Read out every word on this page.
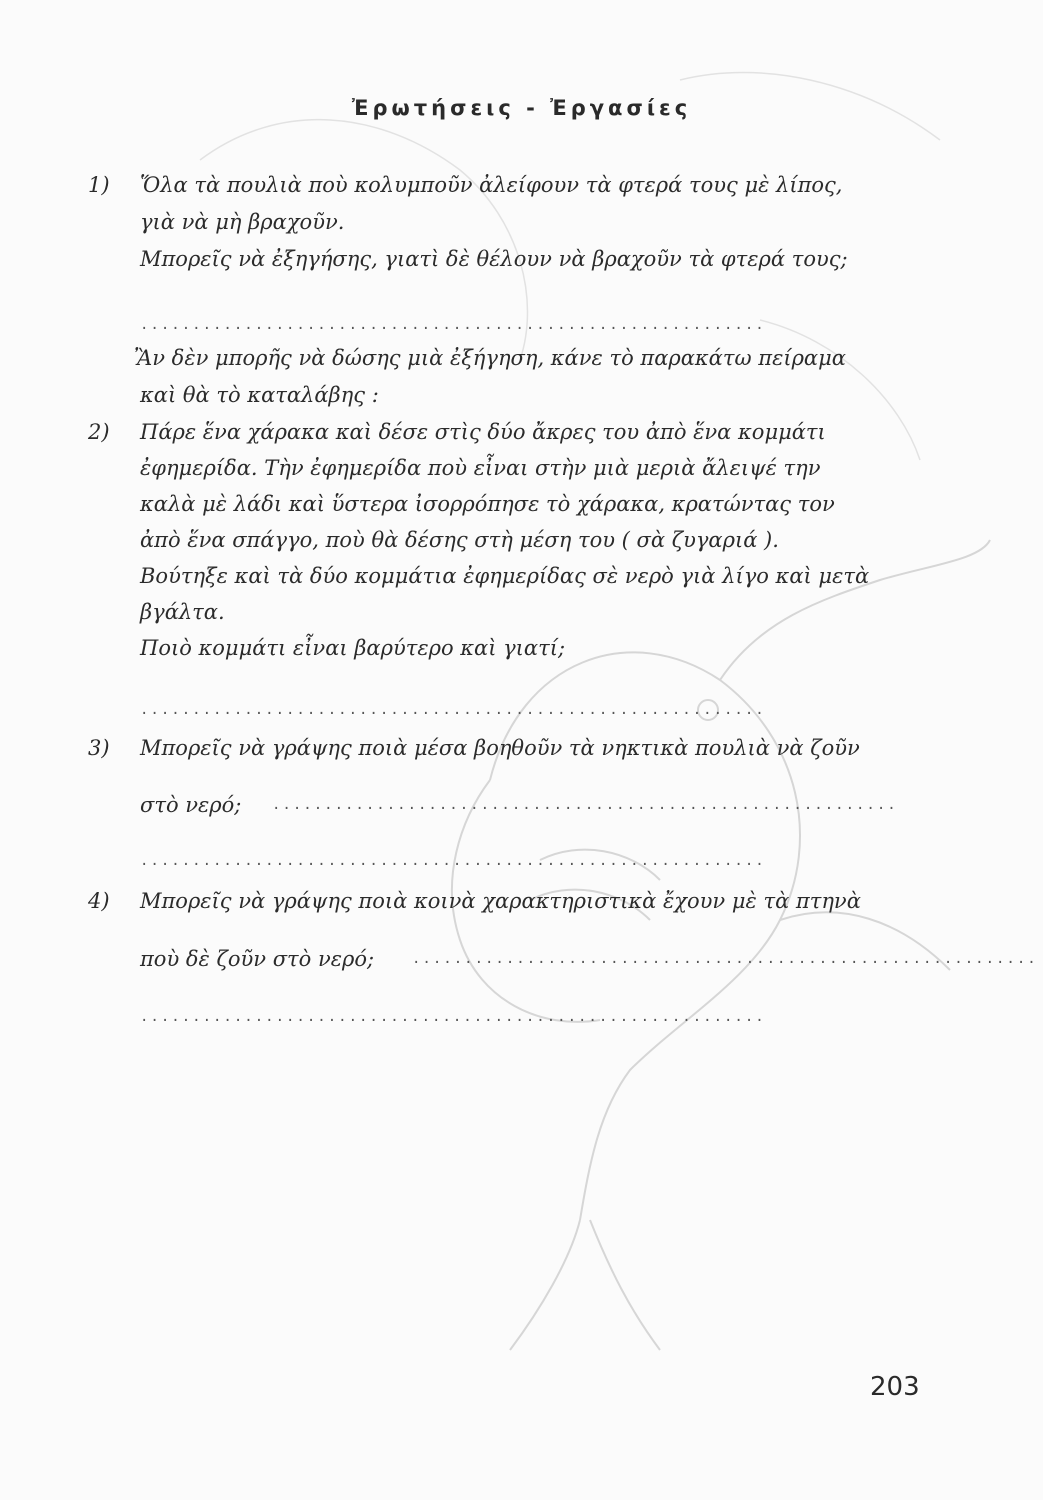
Ἐρωτήσεις - Ἐργασίες
1) Ὅλα τὰ πουλιὰ ποὺ κολυμποῦν ἀλείφουν τὰ φτερά τους μὲ λίπος,
γιὰ νὰ μὴ βραχοῦν.
Μπορεῖς νὰ ἐξηγήσης, γιατὶ δὲ θέλουν νὰ βραχοῦν τὰ φτερά τους;
............................................................
Ἂν δὲν μπορῆς νὰ δώσης μιὰ ἐξήγηση, κάνε τὸ παρακάτω πείραμα
καὶ θὰ τὸ καταλάβης :
2) Πάρε ἕνα χάρακα καὶ δέσε στὶς δύο ἄκρες του ἀπὸ ἕνα κομμάτι
ἐφημερίδα. Τὴν ἐφημερίδα ποὺ εἶναι στὴν μιὰ μεριὰ ἄλειψέ την
καλὰ μὲ λάδι καὶ ὕστερα ἰσορρόπησε τὸ χάρακα, κρατώντας τον
ἀπὸ ἕνα σπάγγο, ποὺ θὰ δέσης στὴ μέση του ( σὰ ζυγαριά ).
Βούτηξε καὶ τὰ δύο κομμάτια ἐφημερίδας σὲ νερὸ γιὰ λίγο καὶ μετὰ
βγάλτα.
Ποιὸ κομμάτι εἶναι βαρύτερο καὶ γιατί;
............................................................
3) Μπορεῖς νὰ γράψης ποιὰ μέσα βοηθοῦν τὰ νηκτικὰ πουλιὰ νὰ ζοῦν
στὸ νερό; ............................................................
............................................................
4) Μπορεῖς νὰ γράψης ποιὰ κοινὰ χαρακτηριστικὰ ἔχουν μὲ τὰ πτηνὰ
ποὺ δὲ ζοῦν στὸ νερό;	............................................................
............................................................
203
